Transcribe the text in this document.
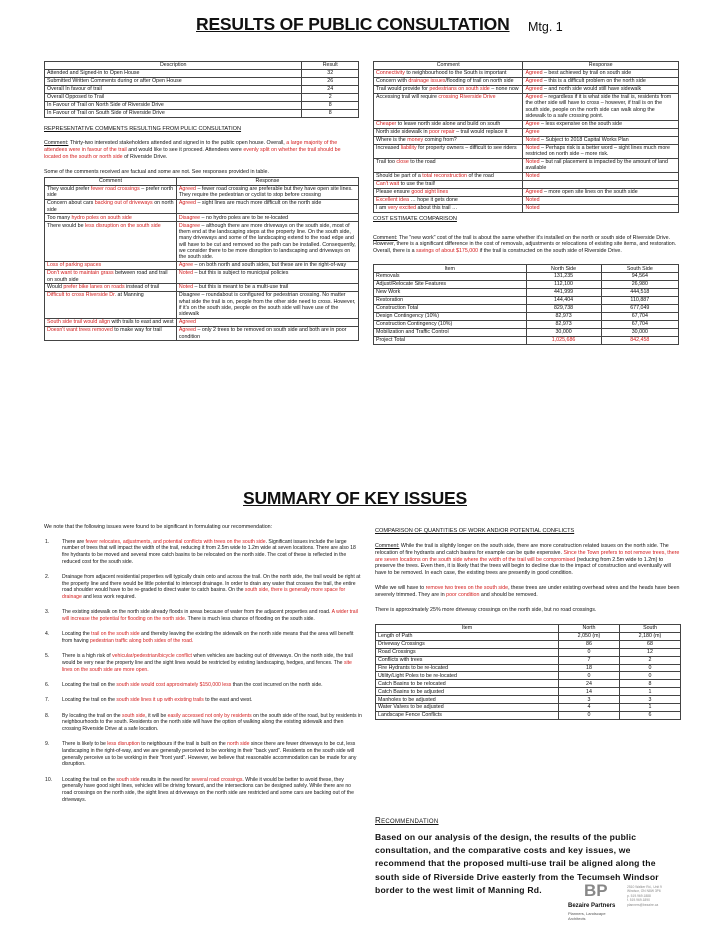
RESULTS OF PUBLIC CONSULTATION Mtg. 1
Description	Result
Attended and Signed-in to Open House	32
Submitted Written Comments during or after Open House	26
Overall In favour of trail	24
Overall Opposed to Trail	2
In Favour of Trail on North Side of Riverside Drive	8
In Favour of Trail on South Side of Riverside Drive	8
REPRESENTATIVE COMMENTS RESULTING FROM PULIC CONSULTATION
Comment: Thirty-two interested stakeholders attended and signed in to the public open house. Overall, a large majority of the attendees were in favour of the trail and would like to see it proceed. Attendees were evenly split on whether the trail should be located on the south or north side of Riverside Drive.
Some of the comments received are factual and some are not. See responses provided in table.
Comment	Response
They would prefer fewer road crossings – prefer north side	Agreed – fewer road crossing are preferable but they have open site lines. They require the pedestrian or cyclist to stop before crossing
Concern about cars backing out of driveways on north side	Agreed – sight lines are much more difficult on the north side
Too many hydro poles on south side	Disagree – no hydro poles are to be re-located
There would be less disruption on the south side	Disagree – although there are more driveways on the south side, most of them end at the landscaping steps at the property line. On the south side, many driveways and some of the landscaping extend to the road edge and will have to be cut and removed so the path can be installed. Consequently, we consider there to be more disruption to landscaping and driveways on the south side.
Loss of parking spaces	Agree – on both north and south sides, but these are in the right-of-way
Don't want to maintain grass between road and trail on south side	Noted – but this is subject to municipal policies
Would prefer bike lanes on roads instead of trail	Noted – but this is meant to be a multi-use trail
Difficult to cross Riverside Dr. at Manning	Disagree – roundabout is configured for pedestrian crossing. No matter what side the trail is on, people from the other side need to cross. However, if it's on the south side, people on the south side will have use of the sidewalk
South side trail would align with trails to east and west	Agreed
Doesn't want trees removed to make way for trail	Agreed – only 2 trees to be removed on south side and both are in poor condition
Comment	Response
Connectivity to neighbourhood to the South is important	Agreed – best achieved by trail on south side
Concern with drainage issues/flooding of trail on north side	Agreed – this is a difficult problem on the north side
Trail would provide for pedestrians on south side – none now	Agreed – and north side would still have sidewalk
Accessing trail will require crossing Riverside Drive	Agreed – regardless if it is what side the trail is, residents from the other side will have to cross – however, if trail is on the south side, people on the north side can walk along the sidewalk to a safe crossing point.
Cheaper to leave north side alone and build on south	Agree – less expensive on the south side
North side sidewalk in poor repair – trail would replace it	Agree
Where is the money coming from?	Noted – Subject to 2018 Capital Works Plan
Increased liability for property owners – difficult to see riders	Noted – Perhaps risk is a better word – sight lines much more restricted on north side – more risk.
Trail too close to the road	Noted – but rail placement is impacted by the amount of land available
Should be part of a total reconstruction of the road	Noted
Can't wait to use the trail!	
Please ensure good sight lines	Agreed – more open site lines on the south side
Excellent idea … hope it gets done	Noted
I am very excited about this trail …	Noted
COST ESTIMATE COMPARISON
Comment: The "new work" cost of the trail is about the same whether it's installed on the north or south side of Riverside Drive. However, there is a significant difference in the cost of removals, adjustments or relocations of existing site items, and restoration. Overall, there is a savings of about $175,000 if the trail is constructed on the south side of Riverside Drive.
Item	North Side	South Side
Removals	131,235	94,564
Adjust/Relocate Site Features	112,100	26,980
New Work	441,999	444,518
Restoration	144,404	110,887
Construction Total	829,738	677,049
Design Contingency (10%)	82,973	67,704
Construction Contingency (10%)	82,973	67,704
Mobilization and Traffic Control	30,000	30,000
Project Total	1,025,686	842,458
SUMMARY OF KEY ISSUES
We note that the following issues were found to be significant in formulating our recommendation:
1.	There are fewer relocates, adjustments, and potential conflicts with trees on the south side. Significant issues include the large number of trees that will impact the width of the trail, reducing it from 2.5m wide to 1.2m wide at seven locations. There are also 18 fire hydrants to be moved and several more catch basins to be relocated on the north side. The cost of these is reflected in the reduced cost for the south side.
2.	Drainage from adjacent residential properties will typically drain onto and across the trail. On the north side, the trail would be right at the property line and there would be little potential to intercept drainage. In order to drain any water that crosses the trail, the entire road shoulder would have to be re-graded to direct water to catch basins. On the south side, there is generally more space for drainage and less work required.
3.	The existing sidewalk on the north side already floods in areas because of water from the adjacent properties and road. A wider trail will increase the potential for flooding on the north side. There is much less chance of flooding on the south side.
4.	Locating the trail on the south side and thereby leaving the existing the sidewalk on the north side means that the area will benefit from having pedestrian traffic along both sides of the road.
5.	There is a high risk of vehicular/pedestrian/bicycle conflict when vehicles are backing out of driveways. On the north side, the trail would be very near the property line and the sight lines would be restricted by existing landscaping, hedges, and fences. The site lines on the south side are more open.
6.	Locating the trail on the south side would cost approximately $150,000 less than the cost incurred on the north side.
7.	Locating the trail on the south side lines it up with existing trails to the east and west.
8.	By locating the trail on the south side, it will be easily accessed not only by residents on the south side of the road, but by residents in neighbourhoods to the south. Residents on the north side will have the option of walking along the existing sidewalk and then crossing Riverside Drive at a safe location.
9.	There is likely to be less disruption to neighbours if the trail is built on the north side since there are fewer driveways to be cut, less landscaping in the right-of-way, and we are generally perceived to be working in their "back yard". Residents on the south side will generally perceive us to be working in their "front yard". However, we believe that reasonable accommodation can be made for any disruption.
10. Locating the trail on the south side results in the need for several road crossings. While it would be better to avoid these, they generally have good sight lines, vehicles will be driving forward, and the intersections can be designed safely. While there are no road crossings on the north side, the sight lines at driveways on the north side are restricted and some cars are backing out of the driveways.
COMPARISON OF QUANTITIES OF WORK AND/OR POTENTIAL CONFLICTS
Comment: While the trail is slightly longer on the south side, there are more construction related issues on the north side. The relocation of fire hydrants and catch basins for example can be quite expensive. Since the Town prefers to not remove trees, there are seven locations on the south side where the width of the trail will be compromised (reducing from 2.5m wide to 1.2m) to preserve the trees. Even then, it is likely that the trees will begin to decline due to the impact of construction and eventually will have to be removed. In each case, the existing trees are presently in good condition.
While we will have to remove two trees on the south side, these trees are under existing overhead wires and the heads have been severely trimmed. They are in poor condition and should be removed.
There is approximately 25% more driveway crossings on the north side, but no road crossings.
Item	North	South
Length of Path	2,050 (m)	2,180 (m)
Driveway Crossings	86	68
Road Crossings	0	12
Conflicts with trees	7	2
Fire Hydrants to be re-located	18	0
Utility/Light Poles to be re-located	0	0
Catch Basins to be relocated	24	8
Catch Basins to be adjusted	14	1
Manholes to be adjusted	3	3
Water Valves to be adjusted	4	1
Landscape Fence Conflicts	0	6
Recommendation
Based on our analysis of the design, the results of the public consultation, and the comparative costs and key issues, we recommend that the proposed multi-use trail be aligned along the south side of Riverside Drive easterly from the Tecumseh Windsor border to the west limit of Manning Rd.	BP
Bezaire Partners
Planners, Landscape Architects
2510 Walker Rd., Unit 9
Windsor, ON N8W 3P6
p. 519.969.1888
f. 519.969.1890
planners@bezaire.ca
